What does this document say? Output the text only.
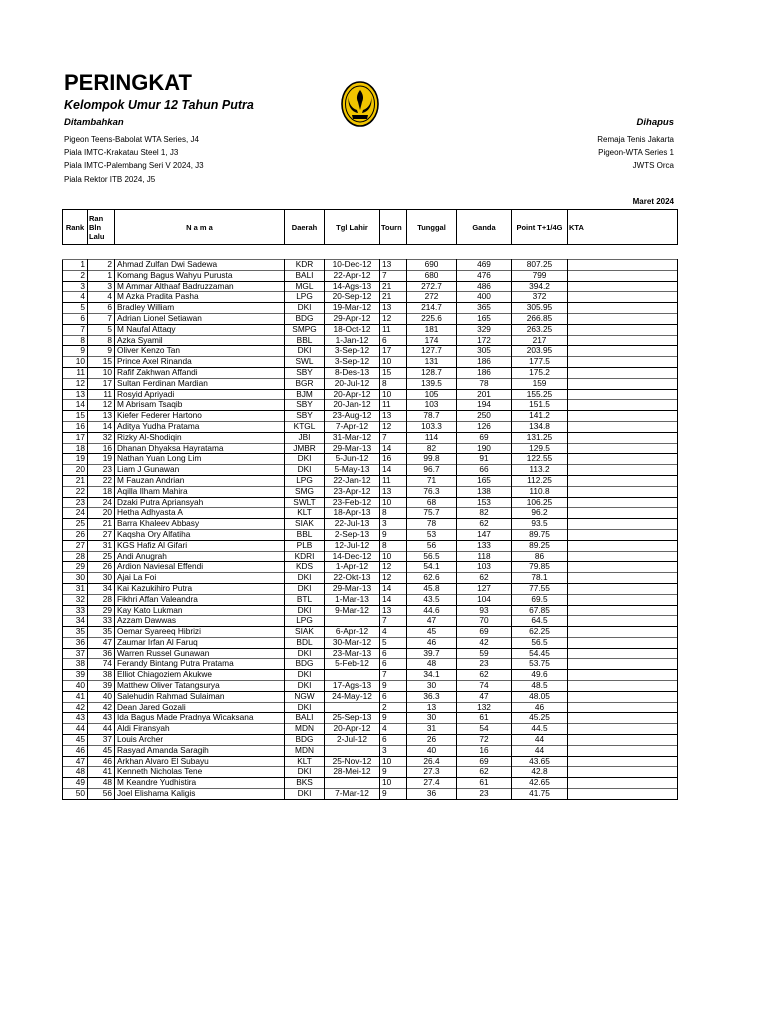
PERINGKAT
Kelompok Umur 12 Tahun Putra
Ditambahkan	Dihapus
Pigeon Teens-Babolat WTA Series, J4
Piala IMTC-Krakatau Steel 1, J3
Piala IMTC-Palembang Seri V 2024, J3
Piala Rektor ITB 2024, J5
Remaja Tenis Jakarta
Pigeon-WTA Series 1
JWTS Orca
Maret 2024
Rank	Ran Bln Lalu	N a m a	Daerah	Tgl Lahir	Tourn	Tunggal	Ganda	Point T+1/4G	KTA
1	2	Ahmad Zulfan Dwi Sadewa	KDR	10-Dec-12	13	690	469	807.25	
2	1	Komang Bagus Wahyu Purusta	BALI	22-Apr-12	7	680	476	799	
3	3	M Ammar Althaaf Badruzzaman	MGL	14-Ags-13	21	272.7	486	394.2	
4	4	M Azka Pradita Pasha	LPG	20-Sep-12	21	272	400	372	
5	6	Bradley William	DKI	19-Mar-12	13	214.7	365	305.95	
6	7	Adrian Lionel Setiawan	BDG	29-Apr-12	12	225.6	165	266.85	
7	5	M Naufal Attaqy	SMPG	18-Oct-12	11	181	329	263.25	
8	8	Azka Syamil	BBL	1-Jan-12	6	174	172	217	
9	9	Oliver Kenzo Tan	DKI	3-Sep-12	17	127.7	305	203.95	
10	15	Prince Axel Rinanda	SWL	3-Sep-12	10	131	186	177.5	
11	10	Rafif Zakhwan Affandi	SBY	8-Des-13	15	128.7	186	175.2	
12	17	Sultan Ferdinan Mardian	BGR	20-Jul-12	8	139.5	78	159	
13	11	Rosyid Apriyadi	BJM	20-Apr-12	10	105	201	155.25	
14	12	M Abrisam Tsaqib	SBY	20-Jan-12	11	103	194	151.5	
15	13	Kiefer Federer Hartono	SBY	23-Aug-12	13	78.7	250	141.2	
16	14	Aditya Yudha Pratama	KTGL	7-Apr-12	12	103.3	126	134.8	
17	32	Rizky Al-Shodiqin	JBI	31-Mar-12	7	114	69	131.25	
18	16	Dhanan Dhyaksa Hayratama	JMBR	29-Mar-13	14	82	190	129.5	
19	19	Nathan Yuan Long Lim	DKI	5-Jun-12	16	99.8	91	122.55	
20	23	Liam J Gunawan	DKI	5-May-13	14	96.7	66	113.2	
21	22	M Fauzan Andrian	LPG	22-Jan-12	11	71	165	112.25	
22	18	Aqilla Ilham Mahira	SMG	23-Apr-12	13	76.3	138	110.8	
23	24	Dzaki Putra Apriansyah	SWLT	23-Feb-12	10	68	153	106.25	
24	20	Hetha Adhyasta A	KLT	18-Apr-13	8	75.7	82	96.2	
25	21	Barra Khaleev Abbasy	SIAK	22-Jul-13	3	78	62	93.5	
26	27	Kaqsha Ory Alfatiha	BBL	2-Sep-13	9	53	147	89.75	
27	31	KGS Hafiz Al Gifari	PLB	12-Jul-12	8	56	133	89.25	
28	25	Andi Anugrah	KDRI	14-Dec-12	10	56.5	118	86	
29	26	Ardion Naviesal Effendi	KDS	1-Apr-12	12	54.1	103	79.85	
30	30	Ajai La Foi	DKI	22-Okt-13	12	62.6	62	78.1	
31	34	Kai Kazukihiro Putra	DKI	29-Mar-13	14	45.8	127	77.55	
32	28	Fikhri Affan Valeandra	BTL	1-Mar-13	14	43.5	104	69.5	
33	29	Kay Kato Lukman	DKI	9-Mar-12	13	44.6	93	67.85	
34	33	Azzam Dawwas	LPG		7	47	70	64.5	
35	35	Oemar Syareeq Hibrizi	SIAK	6-Apr-12	4	45	69	62.25	
36	47	Zaumar Irfan Al Faruq	BDL	30-Mar-12	5	46	42	56.5	
37	36	Warren Russel Gunawan	DKI	23-Mar-13	6	39.7	59	54.45	
38	74	Ferandy Bintang Putra Pratama	BDG	5-Feb-12	6	48	23	53.75	
39	38	Elliot Chiagoziem Akukwe	DKI		7	34.1	62	49.6	
40	39	Matthew Oliver Tatangsurya	DKI	17-Ags-13	9	30	74	48.5	
41	40	Salehudin Rahmad Sulaiman	NGW	24-May-12	6	36.3	47	48.05	
42	42	Dean Jared Gozali	DKI		2	13	132	46	
43	43	Ida Bagus Made Pradnya Wicaksana	BALI	25-Sep-13	9	30	61	45.25	
44	44	Aldi Firansyah	MDN	20-Apr-12	4	31	54	44.5	
45	37	Louis Archer	BDG	2-Jul-12	6	26	72	44	
46	45	Rasyad Amanda Saragih	MDN		3	40	16	44	
47	46	Arkhan Alvaro El Subayu	KLT	25-Nov-12	10	26.4	69	43.65	
48	41	Kenneth Nicholas Tene	DKI	28-Mei-12	9	27.3	62	42.8	
49	48	M Keandre Yudhistira	BKS		10	27.4	61	42.65	
50	56	Joel Elishama Kaligis	DKI	7-Mar-12	9	36	23	41.75	
